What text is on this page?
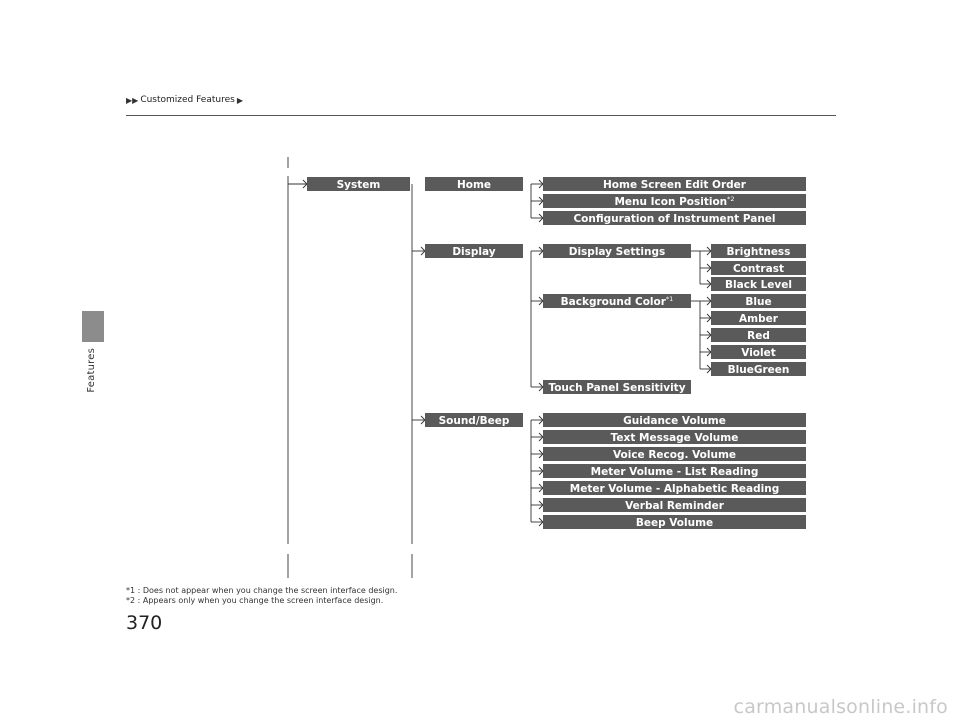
Features
▶▶ Customized Features ▶
System	Home
Display
Sound/Beep
Home Screen Edit Order
Menu Icon Position$^{*2}$
Configuration of Instrument Panel
Display Settings
Background Color$^{*1}$
Touch Panel Sensitivity
Brightness
Contrast
Black Level
Blue
Amber
Red
Violet
BlueGreen
Guidance Volume
Text Message Volume
Voice Recog. Volume
Meter Volume - List Reading
Meter Volume - Alphabetic Reading
Verbal Reminder
Beep Volume
*1 : Does not appear when you change the screen interface design.
*2 : Appears only when you change the screen interface design.
370
carmanualsonline.info
